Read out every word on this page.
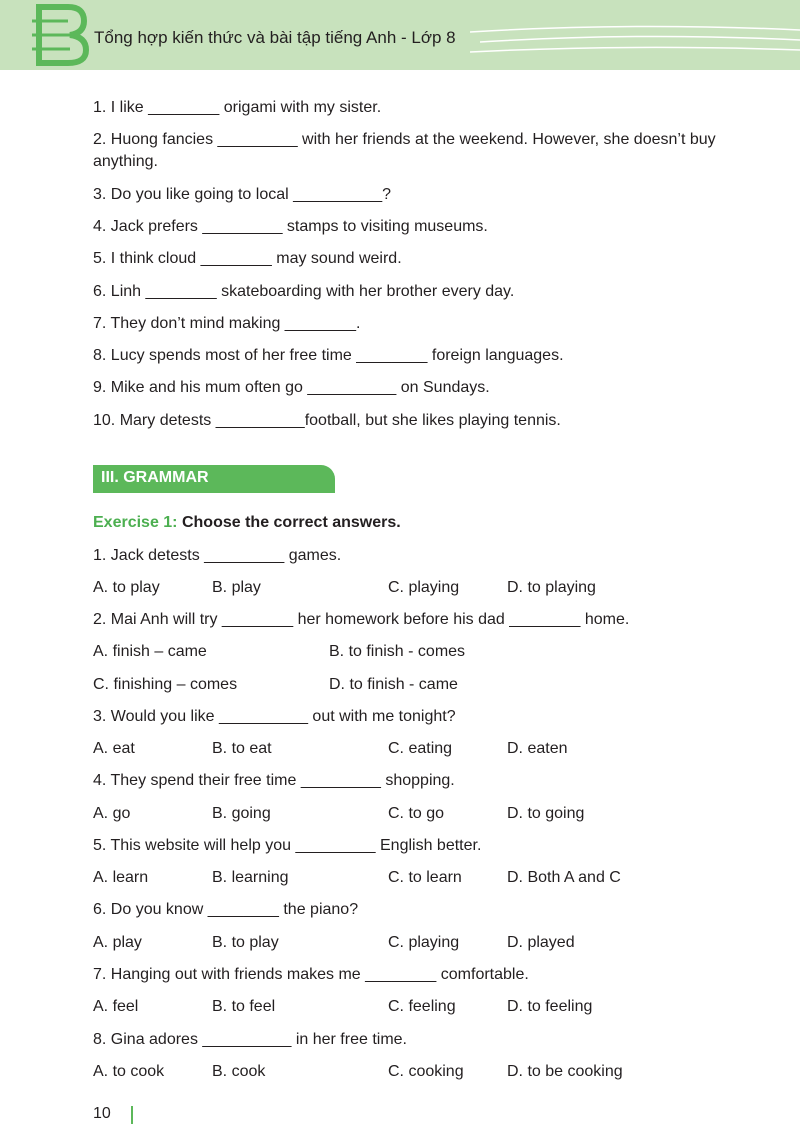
Tổng hợp kiến thức và bài tập tiếng Anh - Lớp 8
1. I like ________ origami with my sister.
2. Huong fancies _________ with her friends at the weekend. However, she doesn’t buy anything.
3. Do you like going to local __________?
4. Jack prefers _________ stamps to visiting museums.
5. I think cloud ________ may sound weird.
6. Linh ________ skateboarding with her brother every day.
7. They don’t mind making ________.
8. Lucy spends most of her free time ________ foreign languages.
9. Mike and his mum often go __________ on Sundays.
10. Mary detests __________football, but she likes playing tennis.
III. GRAMMAR
Exercise 1: Choose the correct answers.
1. Jack detests _________ games.
A. to play	B. play	C. playing	D. to playing
2. Mai Anh will try ________ her homework before his dad ________ home.
A. finish – came	B. to finish - comes
C. finishing – comes	D. to finish - came
3. Would you like __________ out with me tonight?
A. eat	B. to eat	C. eating	D. eaten
4. They spend their free time _________ shopping.
A. go	B. going	C. to go	D. to going
5. This website will help you _________ English better.
A. learn	B. learning	C. to learn	D. Both A and C
6. Do you know ________ the piano?
A. play	B. to play	C. playing	D. played
7. Hanging out with friends makes me ________ comfortable.
A. feel	B. to feel	C. feeling	D. to feeling
8. Gina adores __________ in her free time.
A. to cook	B. cook	C. cooking	D. to be cooking
10
